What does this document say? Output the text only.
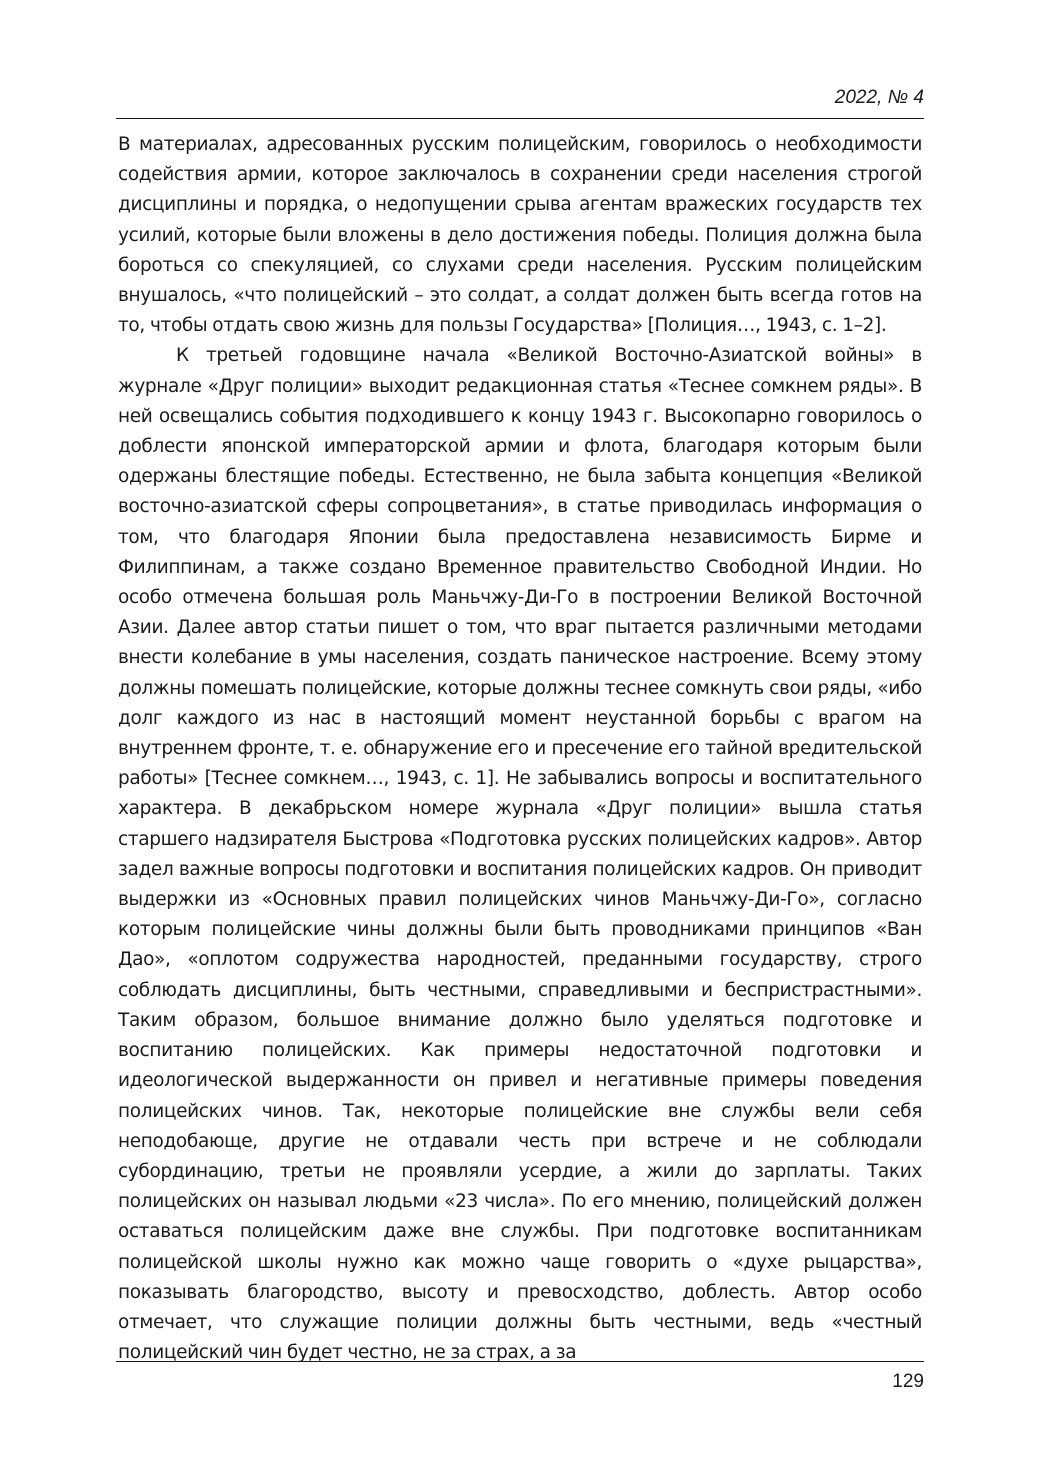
2022, № 4

В материалах, адресованных русским полицейским, говорилось о необходимости содействия армии, которое заключалось в сохранении среди населения строгой дисциплины и порядка, о недопущении срыва агентам вражеских государств тех усилий, которые были вложены в дело достижения победы. Полиция должна была бороться со спекуляцией, со слухами среди населения. Русским полицейским внушалось, «что полицейский – это солдат, а солдат должен быть всегда готов на то, чтобы отдать свою жизнь для пользы Государства» [Полиция…, 1943, с. 1–2].

К третьей годовщине начала «Великой Восточно-Азиатской войны» в журнале «Друг полиции» выходит редакционная статья «Теснее сомкнем ряды». В ней освещались события подходившего к концу 1943 г. Высокопарно говорилось о доблести японской императорской армии и флота, благодаря которым были одержаны блестящие победы. Естественно, не была забыта концепция «Великой восточно-азиатской сферы сопроцветания», в статье приводилась информация о том, что благодаря Японии была предоставлена независимость Бирме и Филиппинам, а также создано Временное правительство Свободной Индии. Но особо отмечена большая роль Маньчжу-Ди-Го в построении Великой Восточной Азии. Далее автор статьи пишет о том, что враг пытается различными методами внести колебание в умы населения, создать паническое настроение. Всему этому должны помешать полицейские, которые должны теснее сомкнуть свои ряды, «ибо долг каждого из нас в настоящий момент неустанной борьбы с врагом на внутреннем фронте, т. е. обнаружение его и пресечение его тайной вредительской работы» [Теснее сомкнем…, 1943, с. 1]. Не забывались вопросы и воспитательного характера. В декабрьском номере журнала «Друг полиции» вышла статья старшего надзирателя Быстрова «Подготовка русских полицейских кадров». Автор задел важные вопросы подготовки и воспитания полицейских кадров. Он приводит выдержки из «Основных правил полицейских чинов Маньчжу-Ди-Го», согласно которым полицейские чины должны были быть проводниками принципов «Ван Дао», «оплотом содружества народностей, преданными государству, строго соблюдать дисциплины, быть честными, справедливыми и беспристрастными». Таким образом, большое внимание должно было уделяться подготовке и воспитанию полицейских. Как примеры недостаточной подготовки и идеологической выдержанности он привел и негативные примеры поведения полицейских чинов. Так, некоторые полицейские вне службы вели себя неподобающе, другие не отдавали честь при встрече и не соблюдали субординацию, третьи не проявляли усердие, а жили до зарплаты. Таких полицейских он называл людьми «23 числа». По его мнению, полицейский должен оставаться полицейским даже вне службы. При подготовке воспитанникам полицейской школы нужно как можно чаще говорить о «духе рыцарства», показывать благородство, высоту и превосходство, доблесть. Автор особо отмечает, что служащие полиции должны быть честными, ведь «честный полицейский чин будет честно, не за страх, а за

129
